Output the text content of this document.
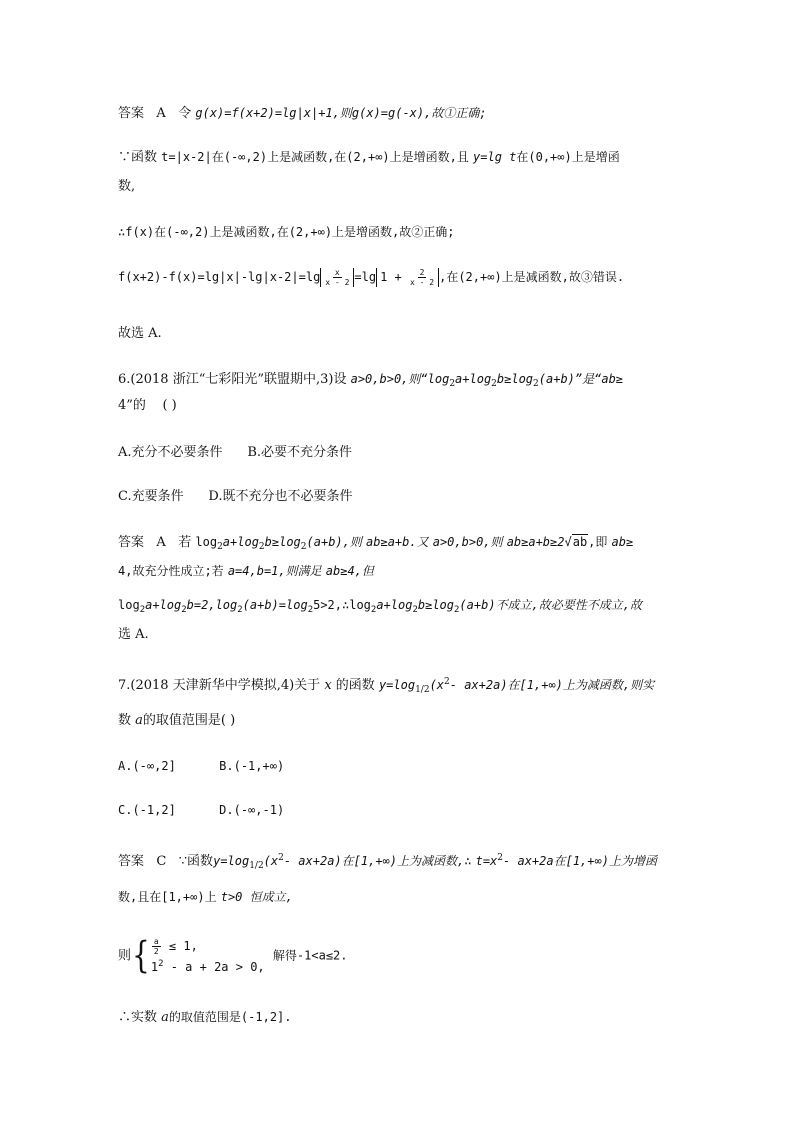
答案 A 令 g(x)=f(x+2)=lg|x|+1,则g(x)=g(-x),故①正确;
∵函数 t=|x-2|在(-∞,2)上是减函数,在(2,+∞)上是增函数,且 y=lg t在(0,+∞)上是增函
数,
∴f(x)在(-∞,2)上是减函数,在(2,+∞)上是增函数,故②正确;
$f(x+2)-f(x)=\lg|x|-\lg|x-2|=\lg \frac{x}{x - 2} =\lg$ $1 + \frac{2}{x - 2}$ ,在(2,+∞)上是减函数,故③错误.
故选 A.
6.(2018 浙江“七彩阳光”联盟期中,3)设 a>0,b>0,则“$\log_2a+\log_2b\ge\log_2(a+b)$”是“ab≥
4”的 ( )
A.充分不必要条件 B.必要不充分条件
C.充要条件 D.既不充分也不必要条件
答案 A 若 $\log_2a+\log_2b\ge\log_2(a+b)$,则 ab≥a+b.又 a>0,b>0,则 ab≥a+b≥2√ab,即 ab≥
4,故充分性成立;若 a=4,b=1,则满足 ab≥4,但
$\log_2a+\log_2b=2,\log_2(a+b)=\log_25>2,\therefore\log_2a+\log_2b\ge\log_2(a+b)$不成立,故必要性不成立,故
选 A.
7.(2018 天津新华中学模拟,4)关于 x 的函数 $y=\log_{1/2}(x^2-$ ax+2a)在[1,+∞)上为减函数,则实
数 a的取值范围是( )
A.(-∞,2]	B.(-1,+∞)
C.(-1,2]	D.(-∞,-1)
答案 C ∵函数$y=\log_{1/2}(x^2-$ ax+2a)在[1,+∞)上为减函数,∴ $t=x^2-$ ax+2a在[1,+∞)上为增函
数,且在[1,+∞)上 t>0 恒成立,
则{ $\frac{a}{2} \le 1$,
$1^2 - a + 2a > 0$,
解得-1<a≤2.
∴实数 a的取值范围是(-1,2].
